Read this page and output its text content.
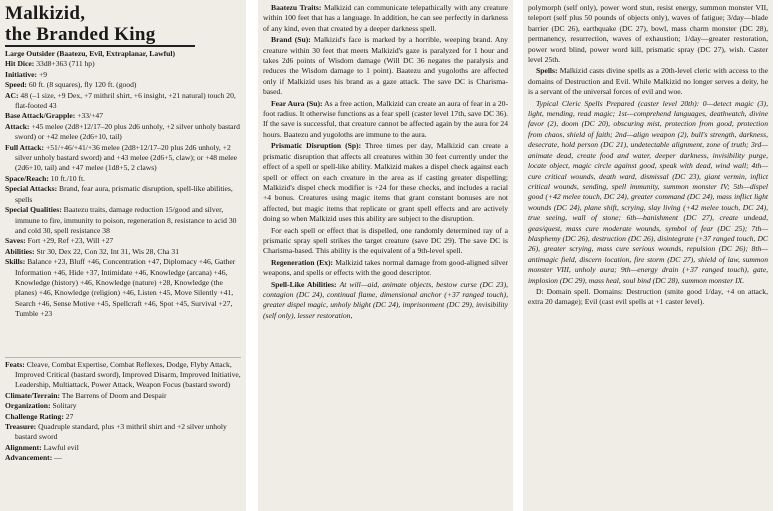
Malkizid,
the Branded King

Large Outsider (Baatezu, Evil, Extraplanar, Lawful)

Hit Dice: 33d8+363 (711 hp)

Initiative: +9

Speed: 60 ft. (8 squares), fly 120 ft. (good)

AC: 48 (–1 size, +9 Dex, +7 mithril shirt, +6 insight, +21 natural) touch 20, flat-footed 43

Base Attack/Grapple: +33/+47

Attack: +45 melee (2d8+12/17–20 plus 2d6 unholy, +2 silver unholy bastard sword) or +42 melee (2d6+10, tail)

Full Attack: +51/+46/+41/+36 melee (2d8+12/17–20 plus 2d6 unholy, +2 silver unholy bastard sword) and +43 melee (2d6+5, claw); or +48 melee (2d6+10, tail) and +47 melee (1d8+5, 2 claws)

Space/Reach: 10 ft./10 ft.

Special Attacks: Brand, fear aura, prismatic disruption, spell-like abilities, spells

Special Qualities: Baatezu traits, damage reduction 15/good and silver, immune to fire, immunity to poison, regeneration 8, resistance to acid 30 and cold 30, spell resistance 38

Saves: Fort +29, Ref +23, Will +27

Abilities: Str 30, Dex 22, Con 32, Int 31, Wis 28, Cha 31

Skills: Balance +23, Bluff +46, Concentration +47, Diplomacy +46, Gather Information +46, Hide +37, Intimidate +46, Knowledge (arcana) +46, Knowledge (history) +46, Knowledge (nature) +28, Knowledge (the planes) +46, Knowledge (religion) +46, Listen +45, Move Silently +41, Search +46, Sense Motive +45, Spellcraft +46, Spot +45, Survival +27, Tumble +23

Feats: Cleave, Combat Expertise, Combat Reflexes, Dodge, Flyby Attack, Improved Critical (bastard sword), Improved Disarm, Improved Initiative, Leadership, Multiattack, Power Attack, Weapon Focus (bastard sword)

Climate/Terrain: The Barrens of Doom and Despair

Organization: Solitary

Challenge Rating: 27

Treasure: Quadruple standard, plus +3 mithril shirt and +2 silver unholy bastard sword

Alignment: Lawful evil

Advancement: —

Baatezu Traits: Malkizid can communicate telepathically with any creature within 100 feet that has a language. In addition, he can see perfectly in darkness of any kind, even that created by a deeper darkness spell.

Brand (Su): Malkizid's face is marked by a horrible, weeping brand. Any creature within 30 feet that meets Malkizid's gaze is paralyzed for 1 hour and takes 2d6 points of Wisdom damage (Will DC 36 negates the paralysis and reduces the Wisdom damage to 1 point). Baatezu and yugoloths are affected only if Malkizid uses his brand as a gaze attack. The save DC is Charisma-based.

Fear Aura (Su): As a free action, Malkizid can create an aura of fear in a 20-foot radius. It otherwise functions as a fear spell (caster level 17th, save DC 36). If the save is successful, that creature cannot be affected again by the aura for 24 hours. Baatezu and yugoloths are immune to the aura.

Prismatic Disruption (Sp): Three times per day, Malkizid can create a prismatic disruption that affects all creatures within 30 feet currently under the effect of a spell or spell-like ability. Malkizid makes a dispel check against each spell or effect on each creature in the area as if casting greater dispelling; Malkizid's dispel check modifier is +24 for these checks, and includes a racial +4 bonus. Creatures using magic items that grant constant bonuses are not affected, but magic items that replicate or grant spell effects and are actively doing so when Malkizid uses this ability are subject to the disruption.

For each spell or effect that is dispelled, one randomly determined ray of a prismatic spray spell strikes the target creature (save DC 29). The save DC is Charisma-based. This ability is the equivalent of a 9th-level spell.

Regeneration (Ex): Malkizid takes normal damage from good-aligned silver weapons, and spells or effects with the good descriptor.

Spell-Like Abilities: At will—aid, animate objects, bestow curse (DC 23), contagion (DC 24), continual flame, dimensional anchor (+37 ranged touch), greater dispel magic, unholy blight (DC 24), imprisonment (DC 29), invisibility (self only), lesser restoration,

polymorph (self only), power word stun, resist energy, summon monster VII, teleport (self plus 50 pounds of objects only), waves of fatigue; 3/day—blade barrier (DC 26), earthquake (DC 27), bowl, mass charm monster (DC 28), permanency, resurrection, waves of exhaustion; 1/day—greater restoration, power word blind, power word kill, prismatic spray (DC 27), wish. Caster level 25th.

Spells: Malkizid casts divine spells as a 20th-level cleric with access to the domains of Destruction and Evil. While Malkizid no longer serves a deity, he is a servant of the universal forces of evil and woe.

Typical Cleric Spells Prepared (caster level 20th): 0—detect magic (3), light, mending, read magic; 1st—comprehend languages, deathwatch, divine favor (2), doom (DC 20), obscuring mist, protection from good, protection from chaos, shield of faith; 2nd—align weapon (2), bull's strength, darkness, desecrate, hold person (DC 21), undetectable alignment, zone of truth; 3rd—animate dead, create food and water, deeper darkness, invisibility purge, locate object, magic circle against good, speak with dead, wind wall; 4th—cure critical wounds, death ward, dismissal (DC 23), giant vermin, inflict critical wounds, sending, spell immunity, summon monster IV; 5th—dispel good (+42 melee touch, DC 24), greater command (DC 24), mass inflict light wounds (DC 24), plane shift, scrying, slay living (+42 melee touch, DC 24), true seeing, wall of stone; 6th—banishment (DC 27), create undead, geas/quest, mass cure moderate wounds, symbol of fear (DC 25); 7th—blasphemy (DC 26), destruction (DC 26), disintegrate (+37 ranged touch, DC 26), greater scrying, mass cure serious wounds, repulsion (DC 26); 8th—antimagic field, discern location, fire storm (DC 27), shield of law, summon monster VIII, unholy aura; 9th—energy drain (+37 ranged touch), gate, implosion (DC 29), mass heal, soul bind (DC 28), summon monster IX.

D: Domain spell. Domains: Destruction (smite good 1/day, +4 on attack, extra 20 damage); Evil (cast evil spells at +1 caster level).
